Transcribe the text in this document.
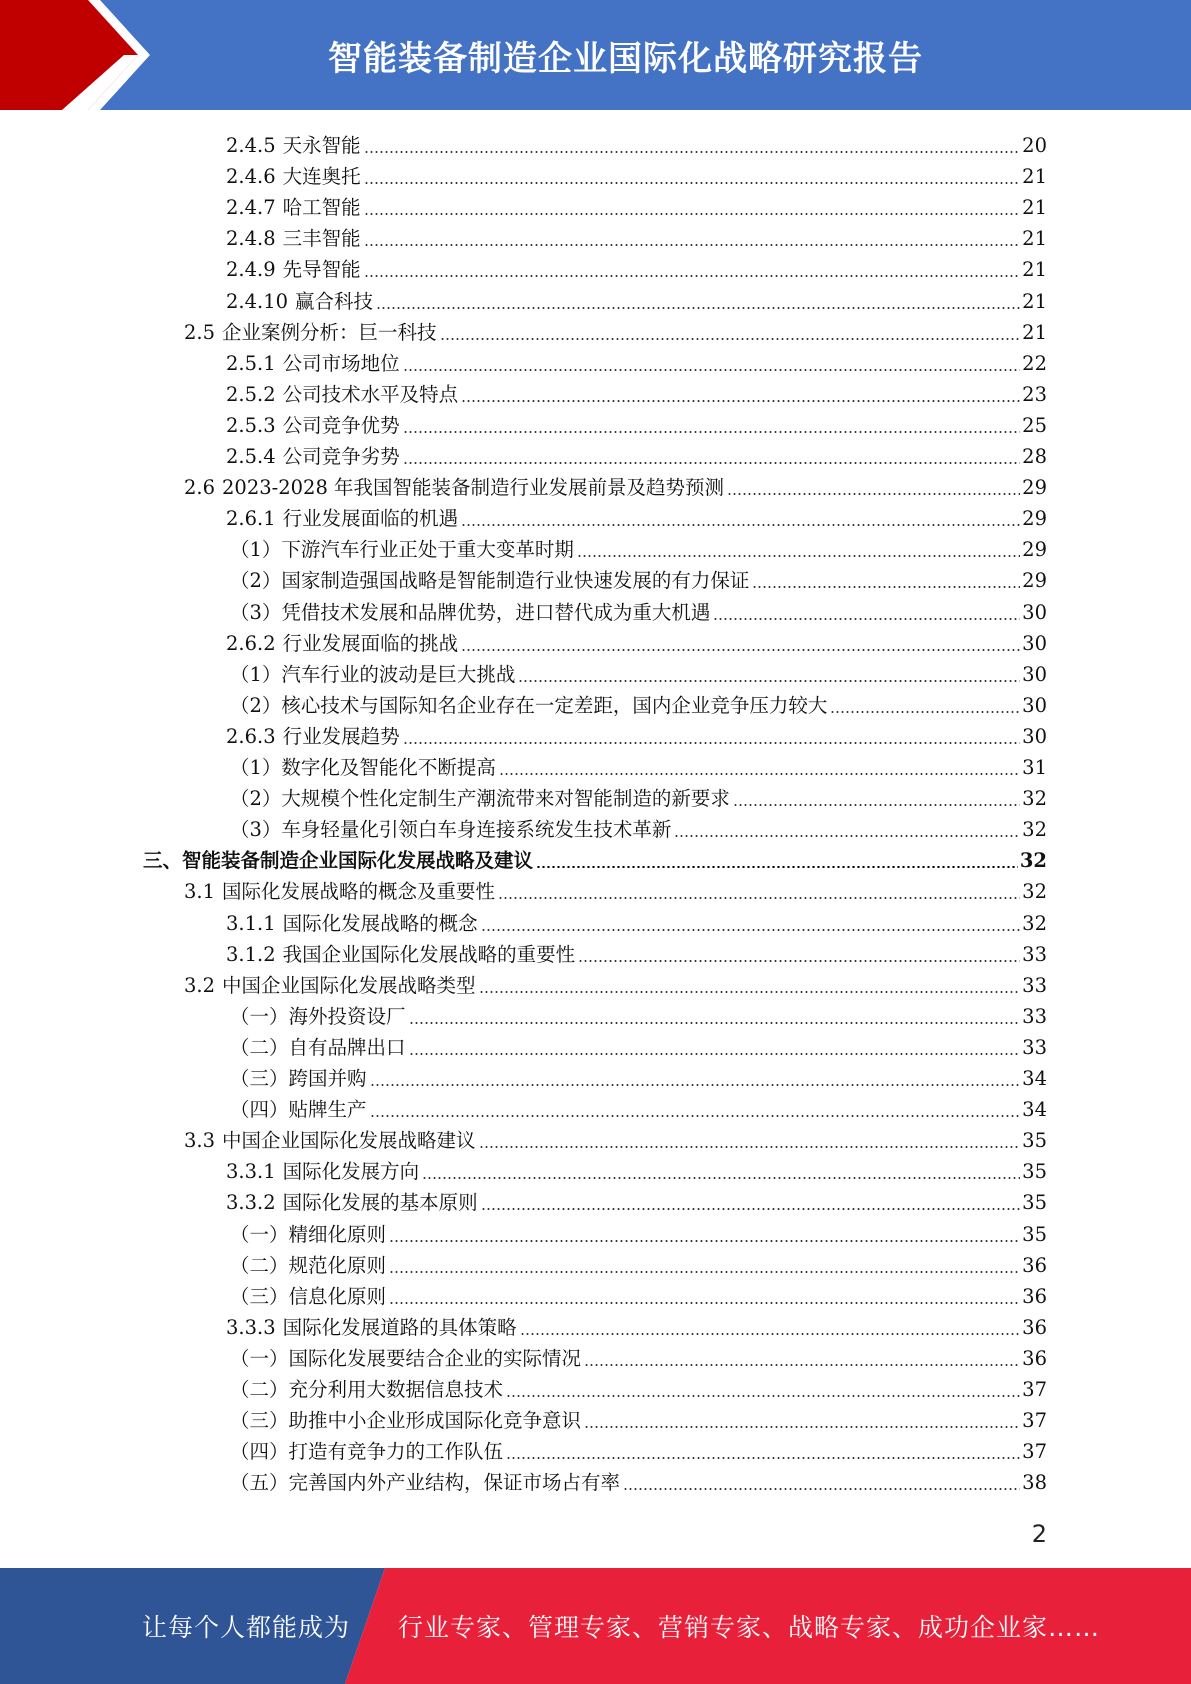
智能装备制造企业国际化战略研究报告
2.4.5 天永智能	20
2.4.6 大连奥托	21
2.4.7 哈工智能	21
2.4.8 三丰智能	21
2.4.9 先导智能	21
2.4.10 赢合科技	21
2.5 企业案例分析：巨一科技	21
2.5.1 公司市场地位	22
2.5.2 公司技术水平及特点	23
2.5.3 公司竞争优势	25
2.5.4 公司竞争劣势	28
2.6 2023-2028 年我国智能装备制造行业发展前景及趋势预测	29
2.6.1 行业发展面临的机遇	29
（1）下游汽车行业正处于重大变革时期	29
（2）国家制造强国战略是智能制造行业快速发展的有力保证	29
（3）凭借技术发展和品牌优势，进口替代成为重大机遇	30
2.6.2 行业发展面临的挑战	30
（1）汽车行业的波动是巨大挑战	30
（2）核心技术与国际知名企业存在一定差距，国内企业竞争压力较大	30
2.6.3 行业发展趋势	30
（1）数字化及智能化不断提高	31
（2）大规模个性化定制生产潮流带来对智能制造的新要求	32
（3）车身轻量化引领白车身连接系统发生技术革新	32
三、智能装备制造企业国际化发展战略及建议	32
3.1 国际化发展战略的概念及重要性	32
3.1.1 国际化发展战略的概念	32
3.1.2 我国企业国际化发展战略的重要性	33
3.2 中国企业国际化发展战略类型	33
（一）海外投资设厂	33
（二）自有品牌出口	33
（三）跨国并购	34
（四）贴牌生产	34
3.3 中国企业国际化发展战略建议	35
3.3.1 国际化发展方向	35
3.3.2 国际化发展的基本原则	35
（一）精细化原则	35
（二）规范化原则	36
（三）信息化原则	36
3.3.3 国际化发展道路的具体策略	36
（一）国际化发展要结合企业的实际情况	36
（二）充分利用大数据信息技术	37
（三）助推中小企业形成国际化竞争意识	37
（四）打造有竞争力的工作队伍	37
（五）完善国内外产业结构，保证市场占有率	38
2
让每个人都能成为 行业专家、管理专家、营销专家、战略专家、成功企业家……
